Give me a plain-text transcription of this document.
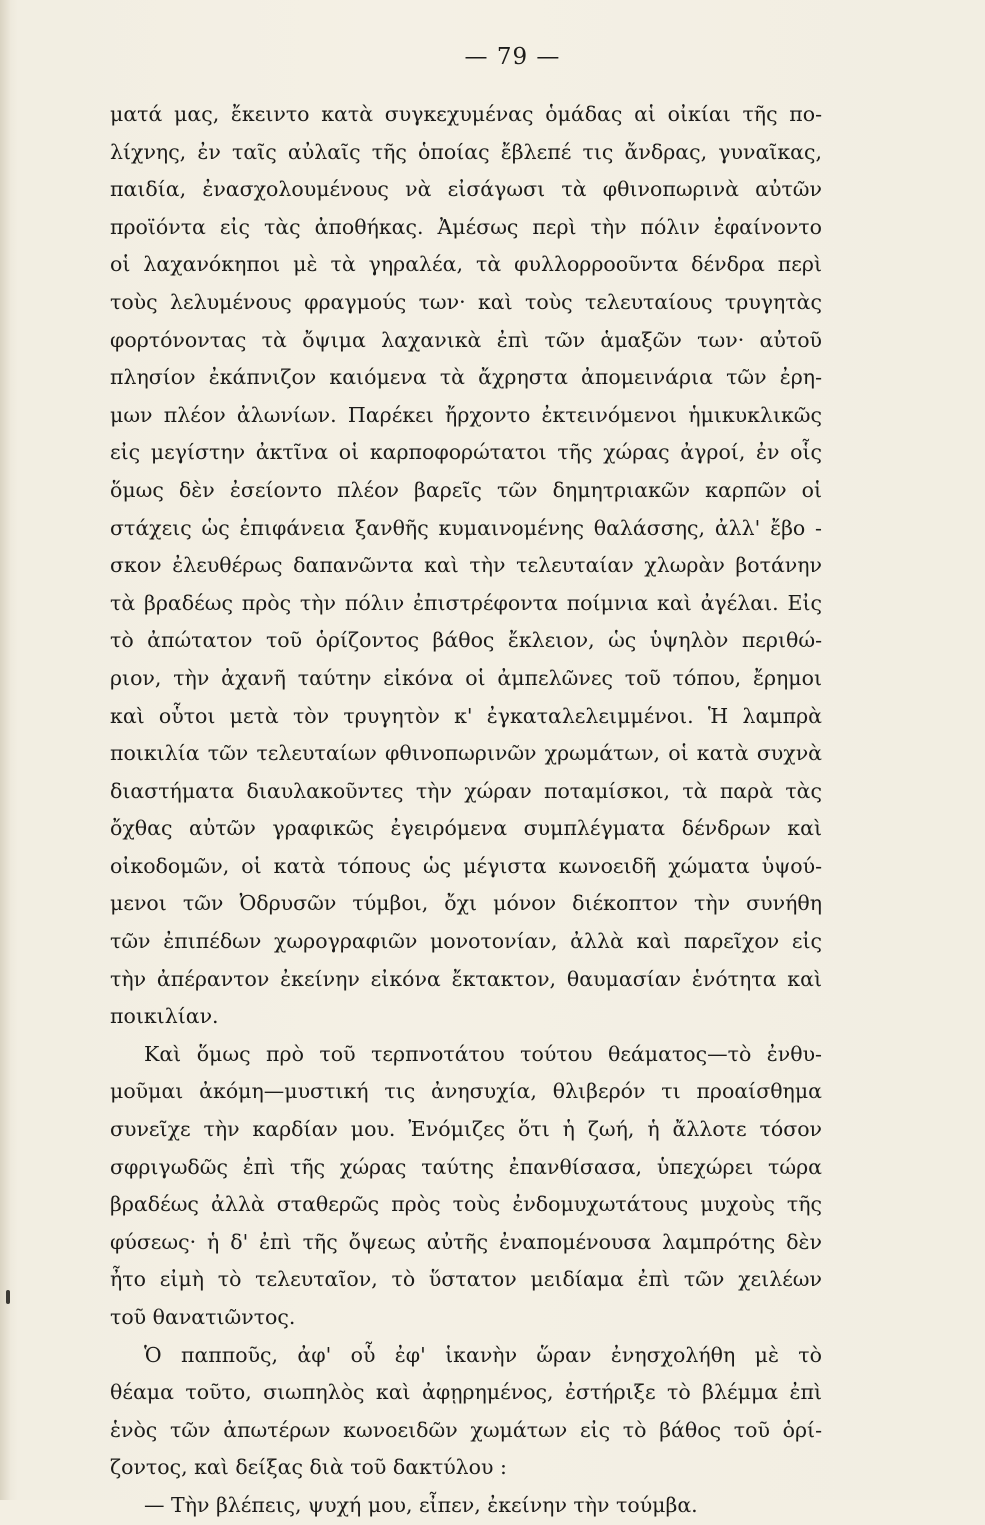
— 79 —
ματά μας, ἔκειντο κατὰ συγκεχυμένας ὁμάδας αἱ οἰκίαι τῆς πο-
λίχνης, ἐν ταῖς αὐλαῖς τῆς ὁποίας ἔβλεπέ τις ἄνδρας, γυναῖκας,
παιδία, ἐνασχολουμένους νὰ εἰσάγωσι τὰ φθινοπωρινὰ αὐτῶν
προϊόντα εἰς τὰς ἀποθήκας. Ἀμέσως περὶ τὴν πόλιν ἐφαίνοντο
οἱ λαχανόκηποι μὲ τὰ γηραλέα, τὰ φυλλορροοῦντα δένδρα περὶ
τοὺς λελυμένους φραγμούς των· καὶ τοὺς τελευταίους τρυγητὰς
φορτόνοντας τὰ ὄψιμα λαχανικὰ ἐπὶ τῶν ἁμαξῶν των· αὐτοῦ
πλησίον ἐκάπνιζον καιόμενα τὰ ἄχρηστα ἀπομεινάρια τῶν ἐρη-
μων πλέον ἀλωνίων. Παρέκει ἤρχοντο ἐκτεινόμενοι ἡμικυκλικῶς
εἰς μεγίστην ἀκτῖνα οἱ καρποφορώτατοι τῆς χώρας ἀγροί, ἐν οἷς
ὅμως δὲν ἐσείοντο πλέον βαρεῖς τῶν δημητριακῶν καρπῶν οἱ
στάχεις ὡς ἐπιφάνεια ξανθῆς κυμαινομένης θαλάσσης, ἀλλ' ἔβο -
σκον ἐλευθέρως δαπανῶντα καὶ τὴν τελευταίαν χλωρὰν βοτάνην
τὰ βραδέως πρὸς τὴν πόλιν ἐπιστρέφοντα ποίμνια καὶ ἀγέλαι. Εἰς
τὸ ἀπώτατον τοῦ ὁρίζοντος βάθος ἔκλειον, ὡς ὑψηλὸν περιθώ-
ριον, τὴν ἀχανῆ ταύτην εἰκόνα οἱ ἀμπελῶνες τοῦ τόπου, ἔρημοι
καὶ οὗτοι μετὰ τὸν τρυγητὸν κ' ἐγκαταλελειμμένοι. Ἡ λαμπρὰ
ποικιλία τῶν τελευταίων φθινοπωρινῶν χρωμάτων, οἱ κατὰ συχνὰ
διαστήματα διαυλακοῦντες τὴν χώραν ποταμίσκοι, τὰ παρὰ τὰς
ὄχθας αὐτῶν γραφικῶς ἐγειρόμενα συμπλέγματα δένδρων καὶ
οἰκοδομῶν, οἱ κατὰ τόπους ὡς μέγιστα κωνοειδῆ χώματα ὑψού-
μενοι τῶν Ὀδρυσῶν τύμβοι, ὄχι μόνον διέκοπτον τὴν συνήθη
τῶν ἐπιπέδων χωρογραφιῶν μονοτονίαν, ἀλλὰ καὶ παρεῖχον εἰς
τὴν ἀπέραντον ἐκείνην εἰκόνα ἔκτακτον, θαυμασίαν ἑνότητα καὶ
ποικιλίαν.
Καὶ ὅμως πρὸ τοῦ τερπνοτάτου τούτου θεάματος—τὸ ἐνθυ-
μοῦμαι ἀκόμη—μυστική τις ἀνησυχία, θλιβερόν τι προαίσθημα
συνεῖχε τὴν καρδίαν μου. Ἐνόμιζες ὅτι ἡ ζωή, ἡ ἄλλοτε τόσον
σφριγωδῶς ἐπὶ τῆς χώρας ταύτης ἐπανθίσασα, ὑπεχώρει τώρα
βραδέως ἀλλὰ σταθερῶς πρὸς τοὺς ἐνδομυχωτάτους μυχοὺς τῆς
φύσεως· ἡ δ' ἐπὶ τῆς ὄψεως αὐτῆς ἐναπομένουσα λαμπρότης δὲν
ἦτο εἰμὴ τὸ τελευταῖον, τὸ ὕστατον μειδίαμα ἐπὶ τῶν χειλέων
τοῦ θανατιῶντος.
Ὁ παπποῦς, ἀφ' οὗ ἐφ' ἱκανὴν ὥραν ἐνησχολήθη μὲ τὸ
θέαμα τοῦτο, σιωπηλὸς καὶ ἀφῃρημένος, ἐστήριξε τὸ βλέμμα ἐπὶ
ἑνὸς τῶν ἀπωτέρων κωνοειδῶν χωμάτων εἰς τὸ βάθος τοῦ ὁρί-
ζοντος, καὶ δείξας διὰ τοῦ δακτύλου :
— Τὴν βλέπεις, ψυχή μου, εἶπεν, ἐκείνην τὴν τούμβα.
